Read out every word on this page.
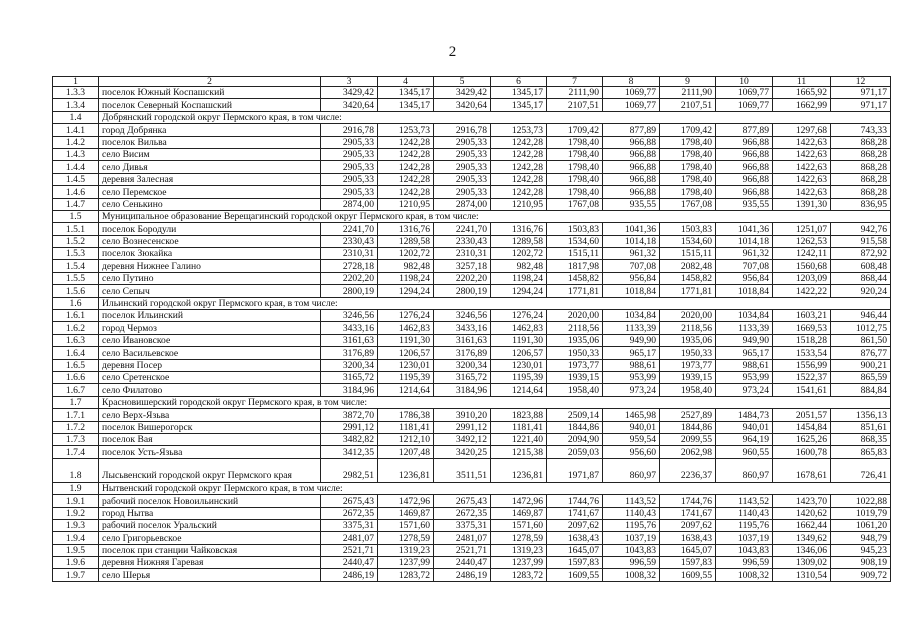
2
1	2	3	4	5	6	7	8	9	10	11	12
1.3.3	поселок Южный Коспашский	3429,42	1345,17	3429,42	1345,17	2111,90	1069,77	2111,90	1069,77	1665,92	971,17
1.3.4	поселок Северный Коспашский	3420,64	1345,17	3420,64	1345,17	2107,51	1069,77	2107,51	1069,77	1662,99	971,17
1.4	Добрянский городской округ Пермского края, в том числе:										
1.4.1	город Добрянка	2916,78	1253,73	2916,78	1253,73	1709,42	877,89	1709,42	877,89	1297,68	743,33
1.4.2	поселок Вильва	2905,33	1242,28	2905,33	1242,28	1798,40	966,88	1798,40	966,88	1422,63	868,28
1.4.3	село Висим	2905,33	1242,28	2905,33	1242,28	1798,40	966,88	1798,40	966,88	1422,63	868,28
1.4.4	село Дивья	2905,33	1242,28	2905,33	1242,28	1798,40	966,88	1798,40	966,88	1422,63	868,28
1.4.5	деревня Залесная	2905,33	1242,28	2905,33	1242,28	1798,40	966,88	1798,40	966,88	1422,63	868,28
1.4.6	село Перемское	2905,33	1242,28	2905,33	1242,28	1798,40	966,88	1798,40	966,88	1422,63	868,28
1.4.7	село Сенькино	2874,00	1210,95	2874,00	1210,95	1767,08	935,55	1767,08	935,55	1391,30	836,95
1.5	Муниципальное образование Верещагинский городской округ Пермского края, в том числе:										
1.5.1	поселок Бородули	2241,70	1316,76	2241,70	1316,76	1503,83	1041,36	1503,83	1041,36	1251,07	942,76
1.5.2	село Вознесенское	2330,43	1289,58	2330,43	1289,58	1534,60	1014,18	1534,60	1014,18	1262,53	915,58
1.5.3	поселок Зюкайка	2310,31	1202,72	2310,31	1202,72	1515,11	961,32	1515,11	961,32	1242,11	872,92
1.5.4	деревня Нижнее Галино	2728,18	982,48	3257,18	982,48	1817,98	707,08	2082,48	707,08	1560,68	608,48
1.5.5	село Путино	2202,20	1198,24	2202,20	1198,24	1458,82	956,84	1458,82	956,84	1203,09	868,44
1.5.6	село Сепыч	2800,19	1294,24	2800,19	1294,24	1771,81	1018,84	1771,81	1018,84	1422,22	920,24
1.6	Ильинский городской округ Пермского края, в том числе:										
1.6.1	поселок Ильинский	3246,56	1276,24	3246,56	1276,24	2020,00	1034,84	2020,00	1034,84	1603,21	946,44
1.6.2	город Чермоз	3433,16	1462,83	3433,16	1462,83	2118,56	1133,39	2118,56	1133,39	1669,53	1012,75
1.6.3	село Ивановское	3161,63	1191,30	3161,63	1191,30	1935,06	949,90	1935,06	949,90	1518,28	861,50
1.6.4	село Васильевское	3176,89	1206,57	3176,89	1206,57	1950,33	965,17	1950,33	965,17	1533,54	876,77
1.6.5	деревня Посер	3200,34	1230,01	3200,34	1230,01	1973,77	988,61	1973,77	988,61	1556,99	900,21
1.6.6	село Сретенское	3165,72	1195,39	3165,72	1195,39	1939,15	953,99	1939,15	953,99	1522,37	865,59
1.6.7	село Филатово	3184,96	1214,64	3184,96	1214,64	1958,40	973,24	1958,40	973,24	1541,61	884,84
1.7	Красновишерский городской округ Пермского края, в том числе:										
1.7.1	село Верх-Язьва	3872,70	1786,38	3910,20	1823,88	2509,14	1465,98	2527,89	1484,73	2051,57	1356,13
1.7.2	поселок Вишерогорск	2991,12	1181,41	2991,12	1181,41	1844,86	940,01	1844,86	940,01	1454,84	851,61
1.7.3	поселок Вая	3482,82	1212,10	3492,12	1221,40	2094,90	959,54	2099,55	964,19	1625,26	868,35
1.7.4	поселок Усть-Язьва	3412,35	1207,48	3420,25	1215,38	2059,03	956,60	2062,98	960,55	1600,78	865,83
1.8	Лысьвенский городской округ Пермского края	2982,51	1236,81	3511,51	1236,81	1971,87	860,97	2236,37	860,97	1678,61	726,41
1.9	Нытвенский городской округ Пермского края, в том числе:										
1.9.1	рабочий поселок Новоильинский	2675,43	1472,96	2675,43	1472,96	1744,76	1143,52	1744,76	1143,52	1423,70	1022,88
1.9.2	город Нытва	2672,35	1469,87	2672,35	1469,87	1741,67	1140,43	1741,67	1140,43	1420,62	1019,79
1.9.3	рабочий поселок Уральский	3375,31	1571,60	3375,31	1571,60	2097,62	1195,76	2097,62	1195,76	1662,44	1061,20
1.9.4	село Григорьевское	2481,07	1278,59	2481,07	1278,59	1638,43	1037,19	1638,43	1037,19	1349,62	948,79
1.9.5	поселок при станции Чайковская	2521,71	1319,23	2521,71	1319,23	1645,07	1043,83	1645,07	1043,83	1346,06	945,23
1.9.6	деревня Нижняя Гаревая	2440,47	1237,99	2440,47	1237,99	1597,83	996,59	1597,83	996,59	1309,02	908,19
1.9.7	село Шерья	2486,19	1283,72	2486,19	1283,72	1609,55	1008,32	1609,55	1008,32	1310,54	909,72
